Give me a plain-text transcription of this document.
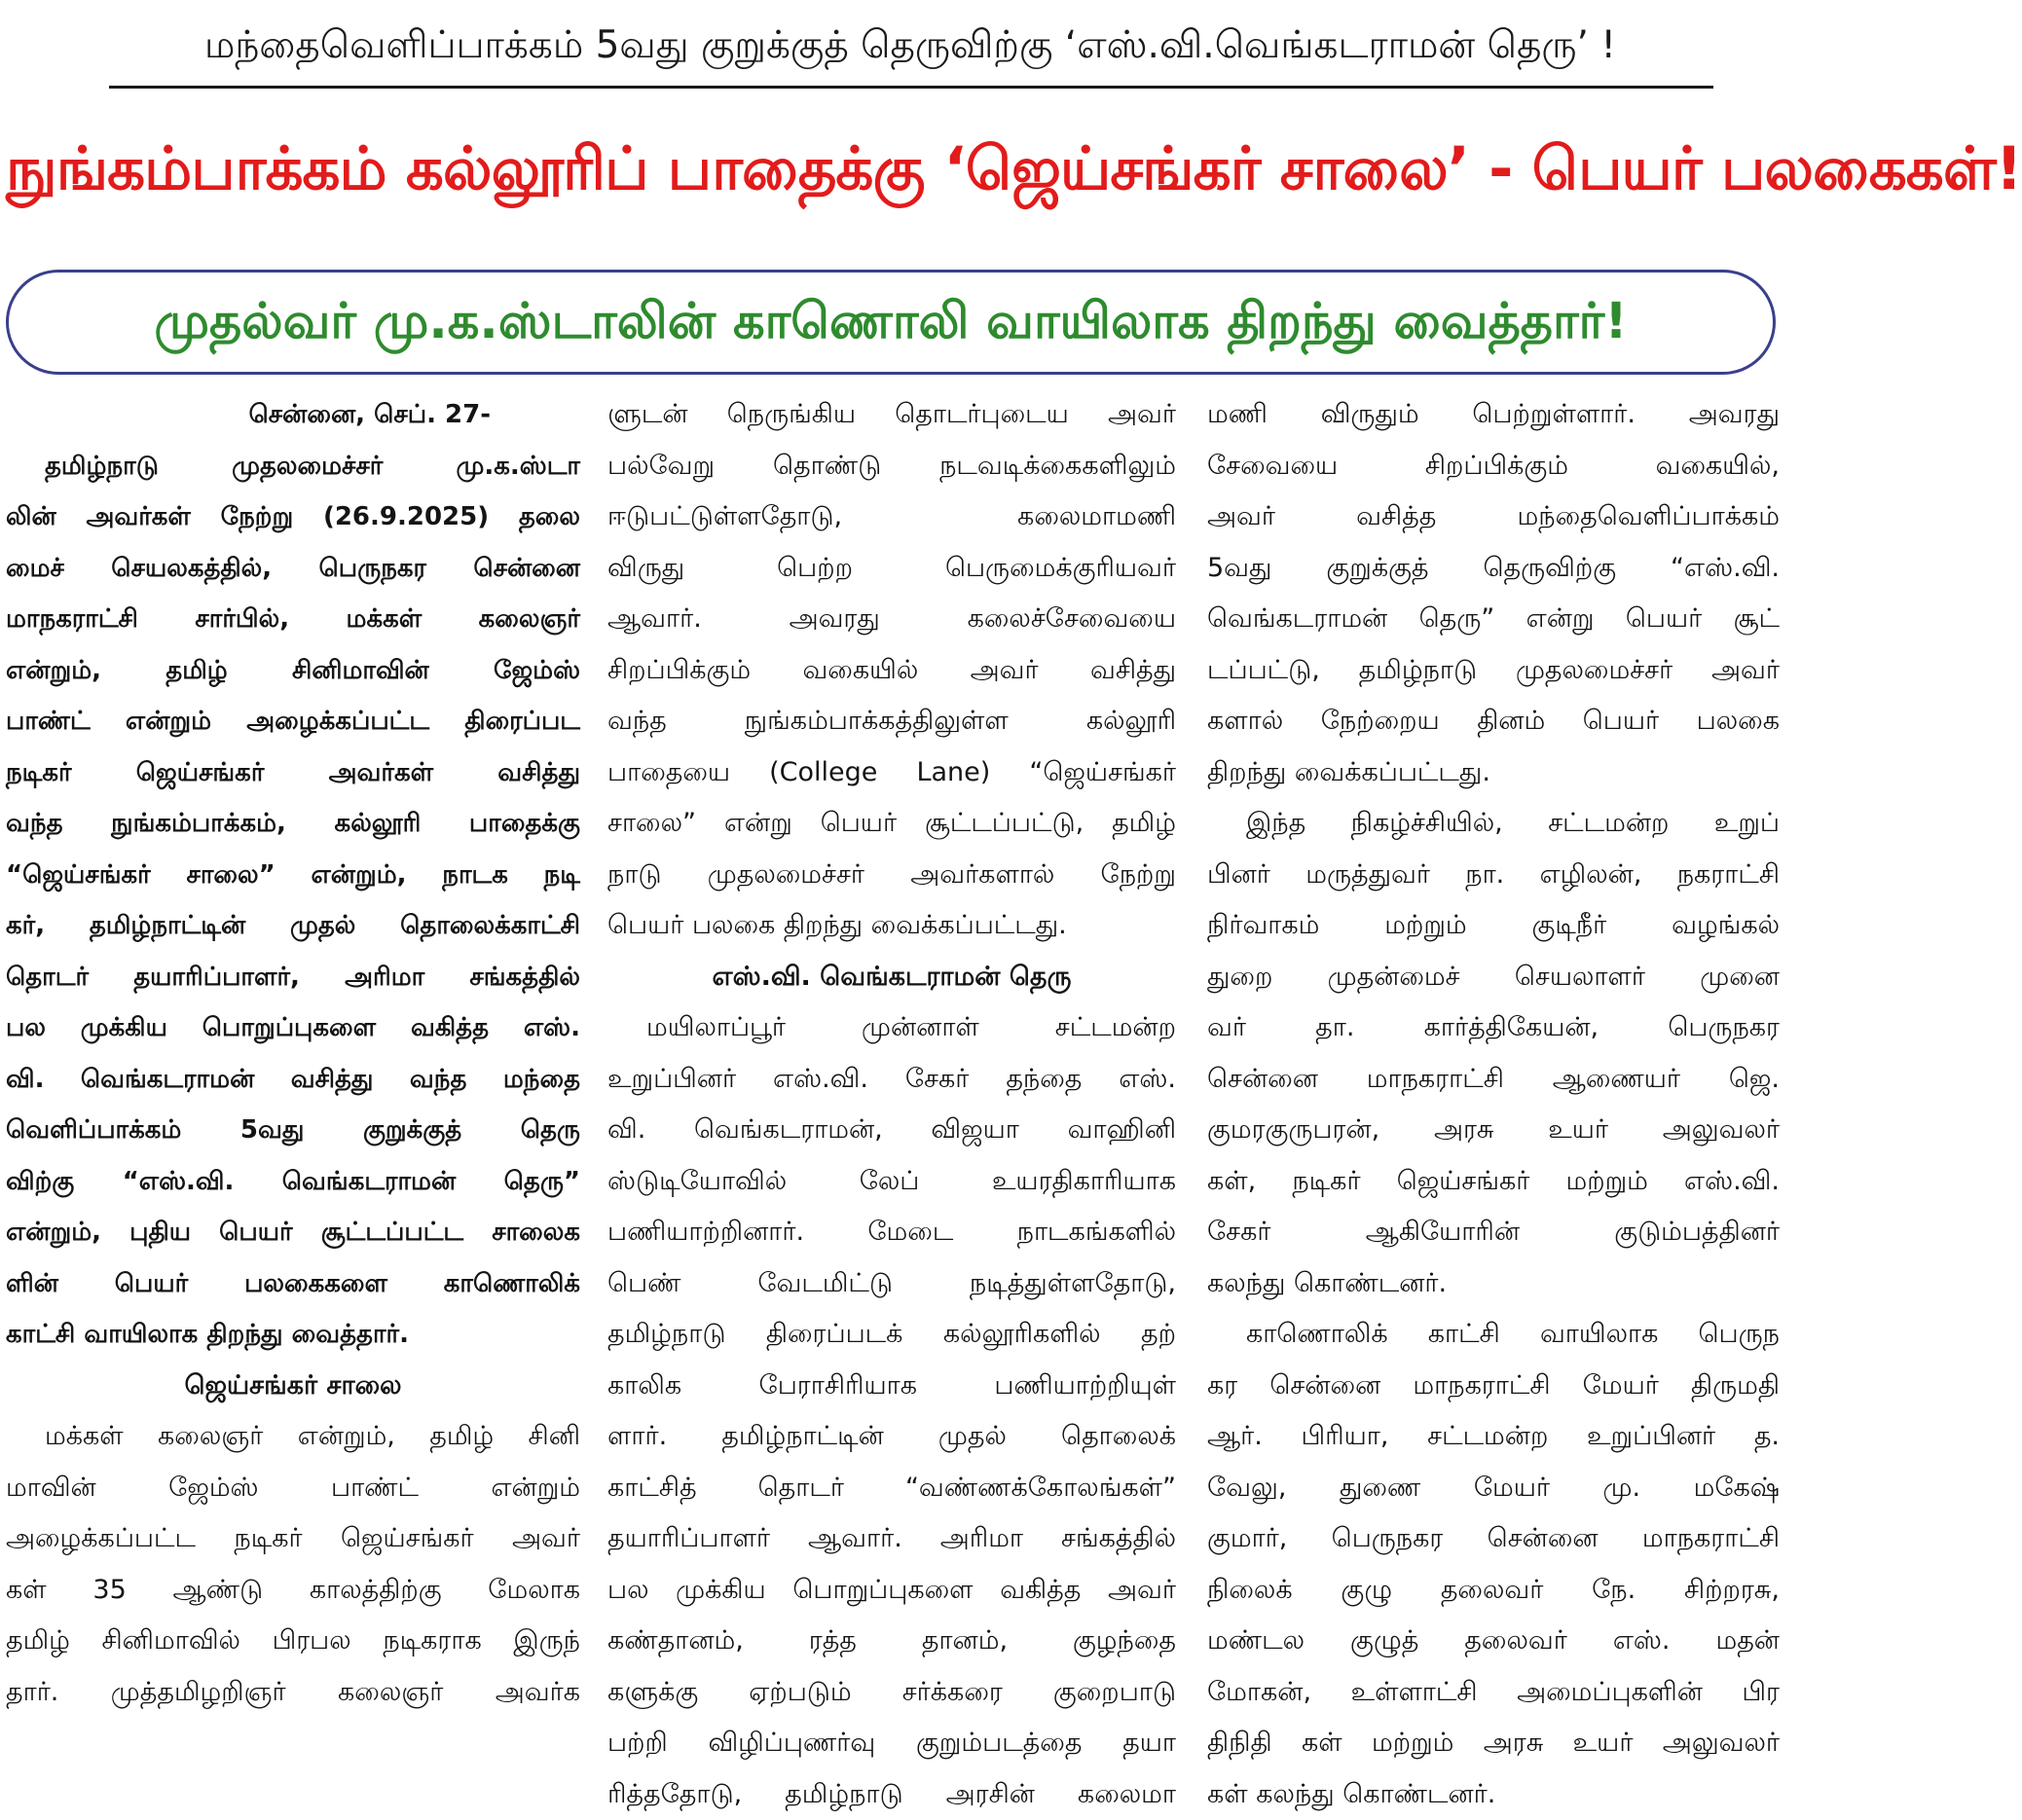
மந்தைவெளிப்பாக்கம் 5வது குறுக்குத் தெருவிற்கு ‘எஸ்.வி.வெங்கடராமன் தெரு’ !
நுங்கம்பாக்கம் கல்லூரிப் பாதைக்கு ‘ஜெய்சங்கர் சாலை’ - பெயர் பலகைகள்!
முதல்வர் மு.க.ஸ்டாலின் காணொலி வாயிலாக திறந்து வைத்தார்!
சென்னை, செப். 27-
தமிழ்நாடு முதலமைச்சர் மு.க.ஸ்டா
லின் அவர்கள் நேற்று (26.9.2025) தலை
மைச் செயலகத்தில், பெருநகர சென்னை
மாநகராட்சி சார்பில், மக்கள் கலைஞர்
என்றும், தமிழ் சினிமாவின் ஜேம்ஸ்
பாண்ட் என்றும் அழைக்கப்பட்ட திரைப்பட
நடிகர் ஜெய்சங்கர் அவர்கள் வசித்து
வந்த நுங்கம்பாக்கம், கல்லூரி பாதைக்கு
“ஜெய்சங்கர் சாலை” என்றும், நாடக நடி
கர், தமிழ்நாட்டின் முதல் தொலைக்காட்சி
தொடர் தயாரிப்பாளர், அரிமா சங்கத்தில்
பல முக்கிய பொறுப்புகளை வகித்த எஸ்.
வி. வெங்கடராமன் வசித்து வந்த மந்தை
வெளிப்பாக்கம் 5வது குறுக்குத் தெரு
விற்கு “எஸ்.வி. வெங்கடராமன் தெரு”
என்றும், புதிய பெயர் சூட்டப்பட்ட சாலைக
ளின் பெயர் பலகைகளை காணொலிக்
காட்சி வாயிலாக திறந்து வைத்தார்.
ஜெய்சங்கர் சாலை
மக்கள் கலைஞர் என்றும், தமிழ் சினி
மாவின் ஜேம்ஸ் பாண்ட் என்றும்
அழைக்கப்பட்ட நடிகர் ஜெய்சங்கர் அவர்
கள் 35 ஆண்டு காலத்திற்கு மேலாக
தமிழ் சினிமாவில் பிரபல நடிகராக இருந்
தார். முத்தமிழறிஞர் கலைஞர் அவர்க
ளுடன் நெருங்கிய தொடர்புடைய அவர்
பல்வேறு தொண்டு நடவடிக்கைகளிலும்
ஈடுபட்டுள்ளதோடு, கலைமாமணி
விருது பெற்ற பெருமைக்குரியவர்
ஆவார். அவரது கலைச்சேவையை
சிறப்பிக்கும் வகையில் அவர் வசித்து
வந்த நுங்கம்பாக்கத்திலுள்ள கல்லூரி
பாதையை (College Lane) “ஜெய்சங்கர்
சாலை” என்று பெயர் சூட்டப்பட்டு, தமிழ்
நாடு முதலமைச்சர் அவர்களால் நேற்று
பெயர் பலகை திறந்து வைக்கப்பட்டது.
எஸ்.வி. வெங்கடராமன் தெரு
மயிலாப்பூர் முன்னாள் சட்டமன்ற
உறுப்பினர் எஸ்.வி. சேகர் தந்தை எஸ்.
வி. வெங்கடராமன், விஜயா வாஹினி
ஸ்டுடியோவில் லேப் உயரதிகாரியாக
பணியாற்றினார். மேடை நாடகங்களில்
பெண் வேடமிட்டு நடித்துள்ளதோடு,
தமிழ்நாடு திரைப்படக் கல்லூரிகளில் தற்
காலிக பேராசிரியாக பணியாற்றியுள்
ளார். தமிழ்நாட்டின் முதல் தொலைக்
காட்சித் தொடர் “வண்ணக்கோலங்கள்”
தயாரிப்பாளர் ஆவார். அரிமா சங்கத்தில்
பல முக்கிய பொறுப்புகளை வகித்த அவர்
கண்தானம், ரத்த தானம், குழந்தை
களுக்கு ஏற்படும் சர்க்கரை குறைபாடு
பற்றி விழிப்புணர்வு குறும்படத்தை தயா
ரித்ததோடு, தமிழ்நாடு அரசின் கலைமா
மணி விருதும் பெற்றுள்ளார். அவரது
சேவையை சிறப்பிக்கும் வகையில்,
அவர் வசித்த மந்தைவெளிப்பாக்கம்
5வது குறுக்குத் தெருவிற்கு “எஸ்.வி.
வெங்கடராமன் தெரு” என்று பெயர் சூட்
டப்பட்டு, தமிழ்நாடு முதலமைச்சர் அவர்
களால் நேற்றைய தினம் பெயர் பலகை
திறந்து வைக்கப்பட்டது.
இந்த நிகழ்ச்சியில், சட்டமன்ற உறுப்
பினர் மருத்துவர் நா. எழிலன், நகராட்சி
நிர்வாகம் மற்றும் குடிநீர் வழங்கல்
துறை முதன்மைச் செயலாளர் முனை
வர் தா. கார்த்திகேயன், பெருநகர
சென்னை மாநகராட்சி ஆணையர் ஜெ.
குமரகுருபரன், அரசு உயர் அலுவலர்
கள், நடிகர் ஜெய்சங்கர் மற்றும் எஸ்.வி.
சேகர் ஆகியோரின் குடும்பத்தினர்
கலந்து கொண்டனர்.
காணொலிக் காட்சி வாயிலாக பெருந
கர சென்னை மாநகராட்சி மேயர் திருமதி
ஆர். பிரியா, சட்டமன்ற உறுப்பினர் த.
வேலு, துணை மேயர் மு. மகேஷ்
குமார், பெருநகர சென்னை மாநகராட்சி
நிலைக் குழு தலைவர் நே. சிற்றரசு,
மண்டல குழுத் தலைவர் எஸ். மதன்
மோகன், உள்ளாட்சி அமைப்புகளின் பிர
திநிதி கள் மற்றும் அரசு உயர் அலுவலர்
கள் கலந்து கொண்டனர்.
